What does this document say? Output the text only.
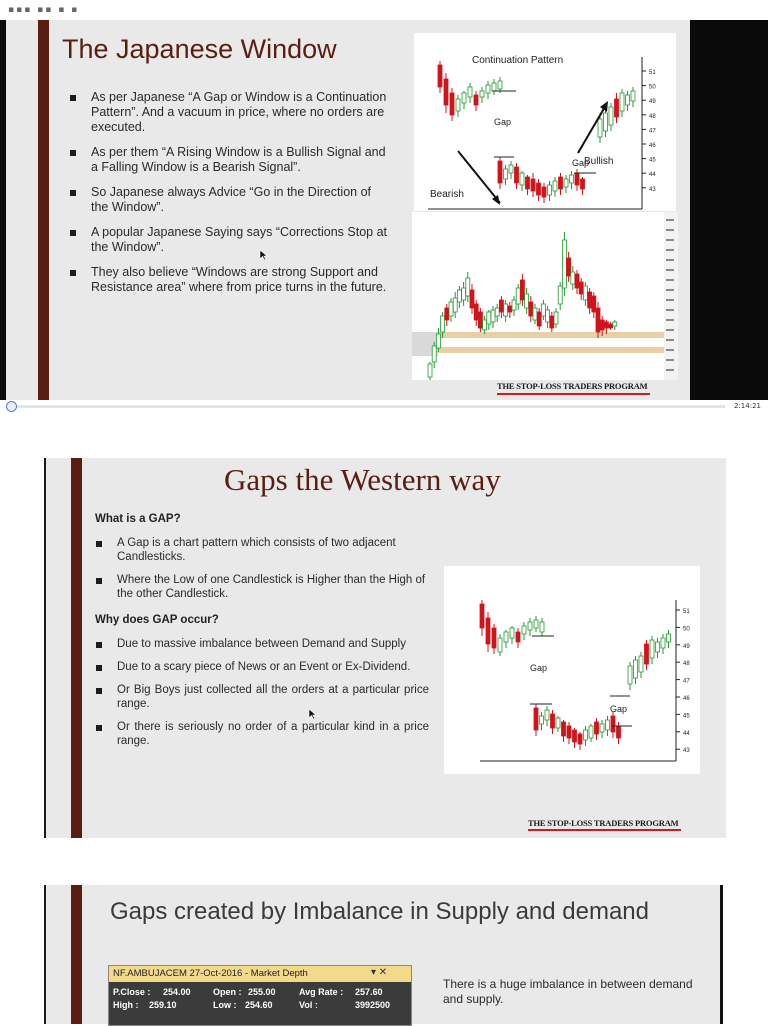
▪▪▪ ▪▪ ▪ ▪
The Japanese Window
As per Japanese “A Gap or Window is a Continuation Pattern”. And a vacuum in price, where no orders are executed.
As per them “A Rising Window is a Bullish Signal and a Falling Window is a Bearish Signal”.
So Japanese always Advice “Go in the Direction of the Window”.
A popular Japanese Saying says “Corrections Stop at the Window”.
They also believe “Windows are strong Support and Resistance area” where from price turns in the future.
Continuation Pattern
51
50
49
48
47
46
45
44
43
Gap
Gap
Bullish
Bearish
THE STOP-LOSS TRADERS PROGRAM
2:14:21
Gaps the Western way
What is a GAP?
A Gap is a chart pattern which consists of two adjacent Candlesticks.
Where the Low of one Candlestick is Higher than the High of the other Candlestick.
Why does GAP occur?
Due to massive imbalance between Demand and Supply
Due to a scary piece of News or an Event or Ex-Dividend.
Or Big Boys just collected all the orders at a particular price range.
Or there is seriously no order of a particular kind in a price range.
51
50
49
48
47
46
45
44
43
Gap
Gap
THE STOP-LOSS TRADERS PROGRAM
Gaps created by Imbalance in Supply and demand
NF.AMBUJACEM 27-Oct-2016 - Market Depth	▾ ✕
P.Close : 254.00 Open : 255.00	Avg Rate : 257.60
High : 259.10	Low : 254.60	Vol :	3992500
There is a huge imbalance in between demand and supply.
